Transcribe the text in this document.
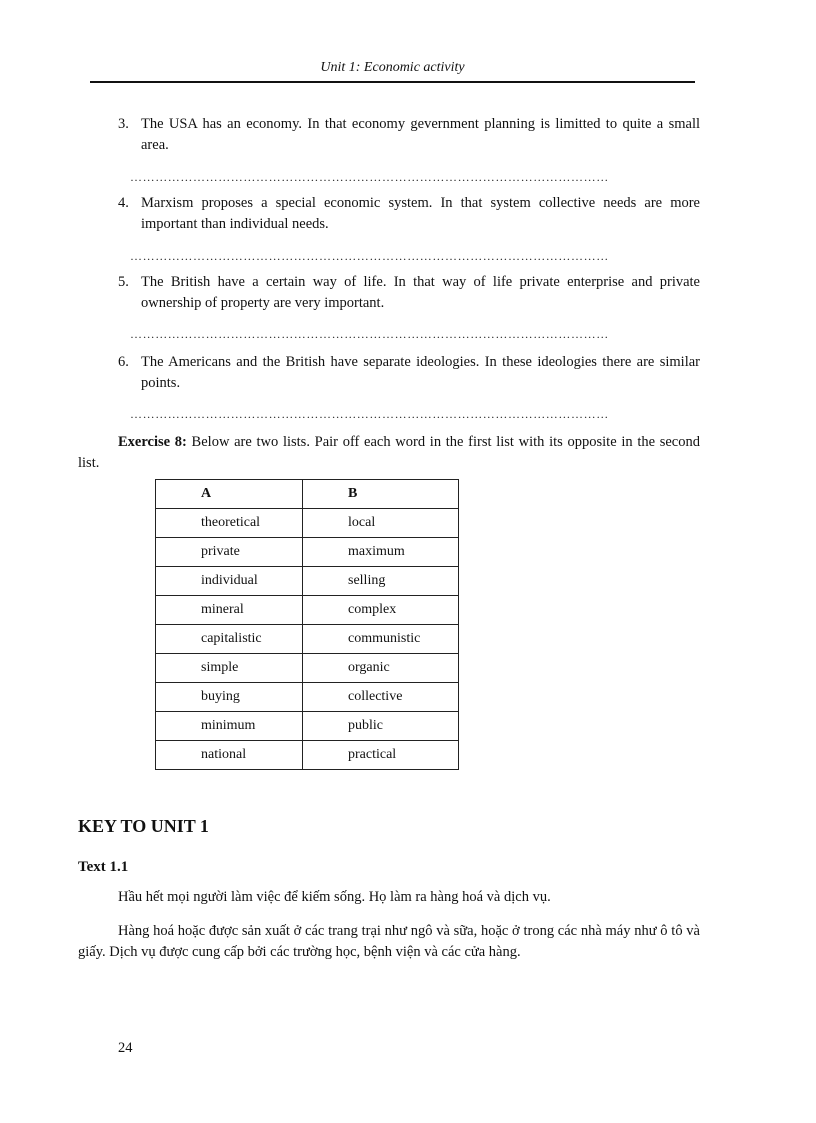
Unit 1: Economic activity
3. The USA has an economy. In that economy gevernment planning is limitted to quite a small area.
……………………………………………………………………………………………………
4. Marxism proposes a special economic system. In that system collective needs are more important than individual needs.
……………………………………………………………………………………………………
5. The British have a certain way of life. In that way of life private enterprise and private ownership of property are very important.
……………………………………………………………………………………………………
6. The Americans and the British have separate ideologies. In these ideologies there are similar points.
……………………………………………………………………………………………………
Exercise 8: Below are two lists. Pair off each word in the first list with its opposite in the second list.
A	B
theoretical	local
private	maximum
individual	selling
mineral	complex
capitalistic	communistic
simple	organic
buying	collective
minimum	public
national	practical
KEY TO UNIT 1
Text 1.1
Hầu hết mọi người làm việc để kiếm sống. Họ làm ra hàng hoá và dịch vụ.
Hàng hoá hoặc được sản xuất ở các trang trại như ngô và sữa, hoặc ở trong các nhà máy như ô tô và giấy. Dịch vụ được cung cấp bởi các trường học, bệnh viện và các cửa hàng.
24
